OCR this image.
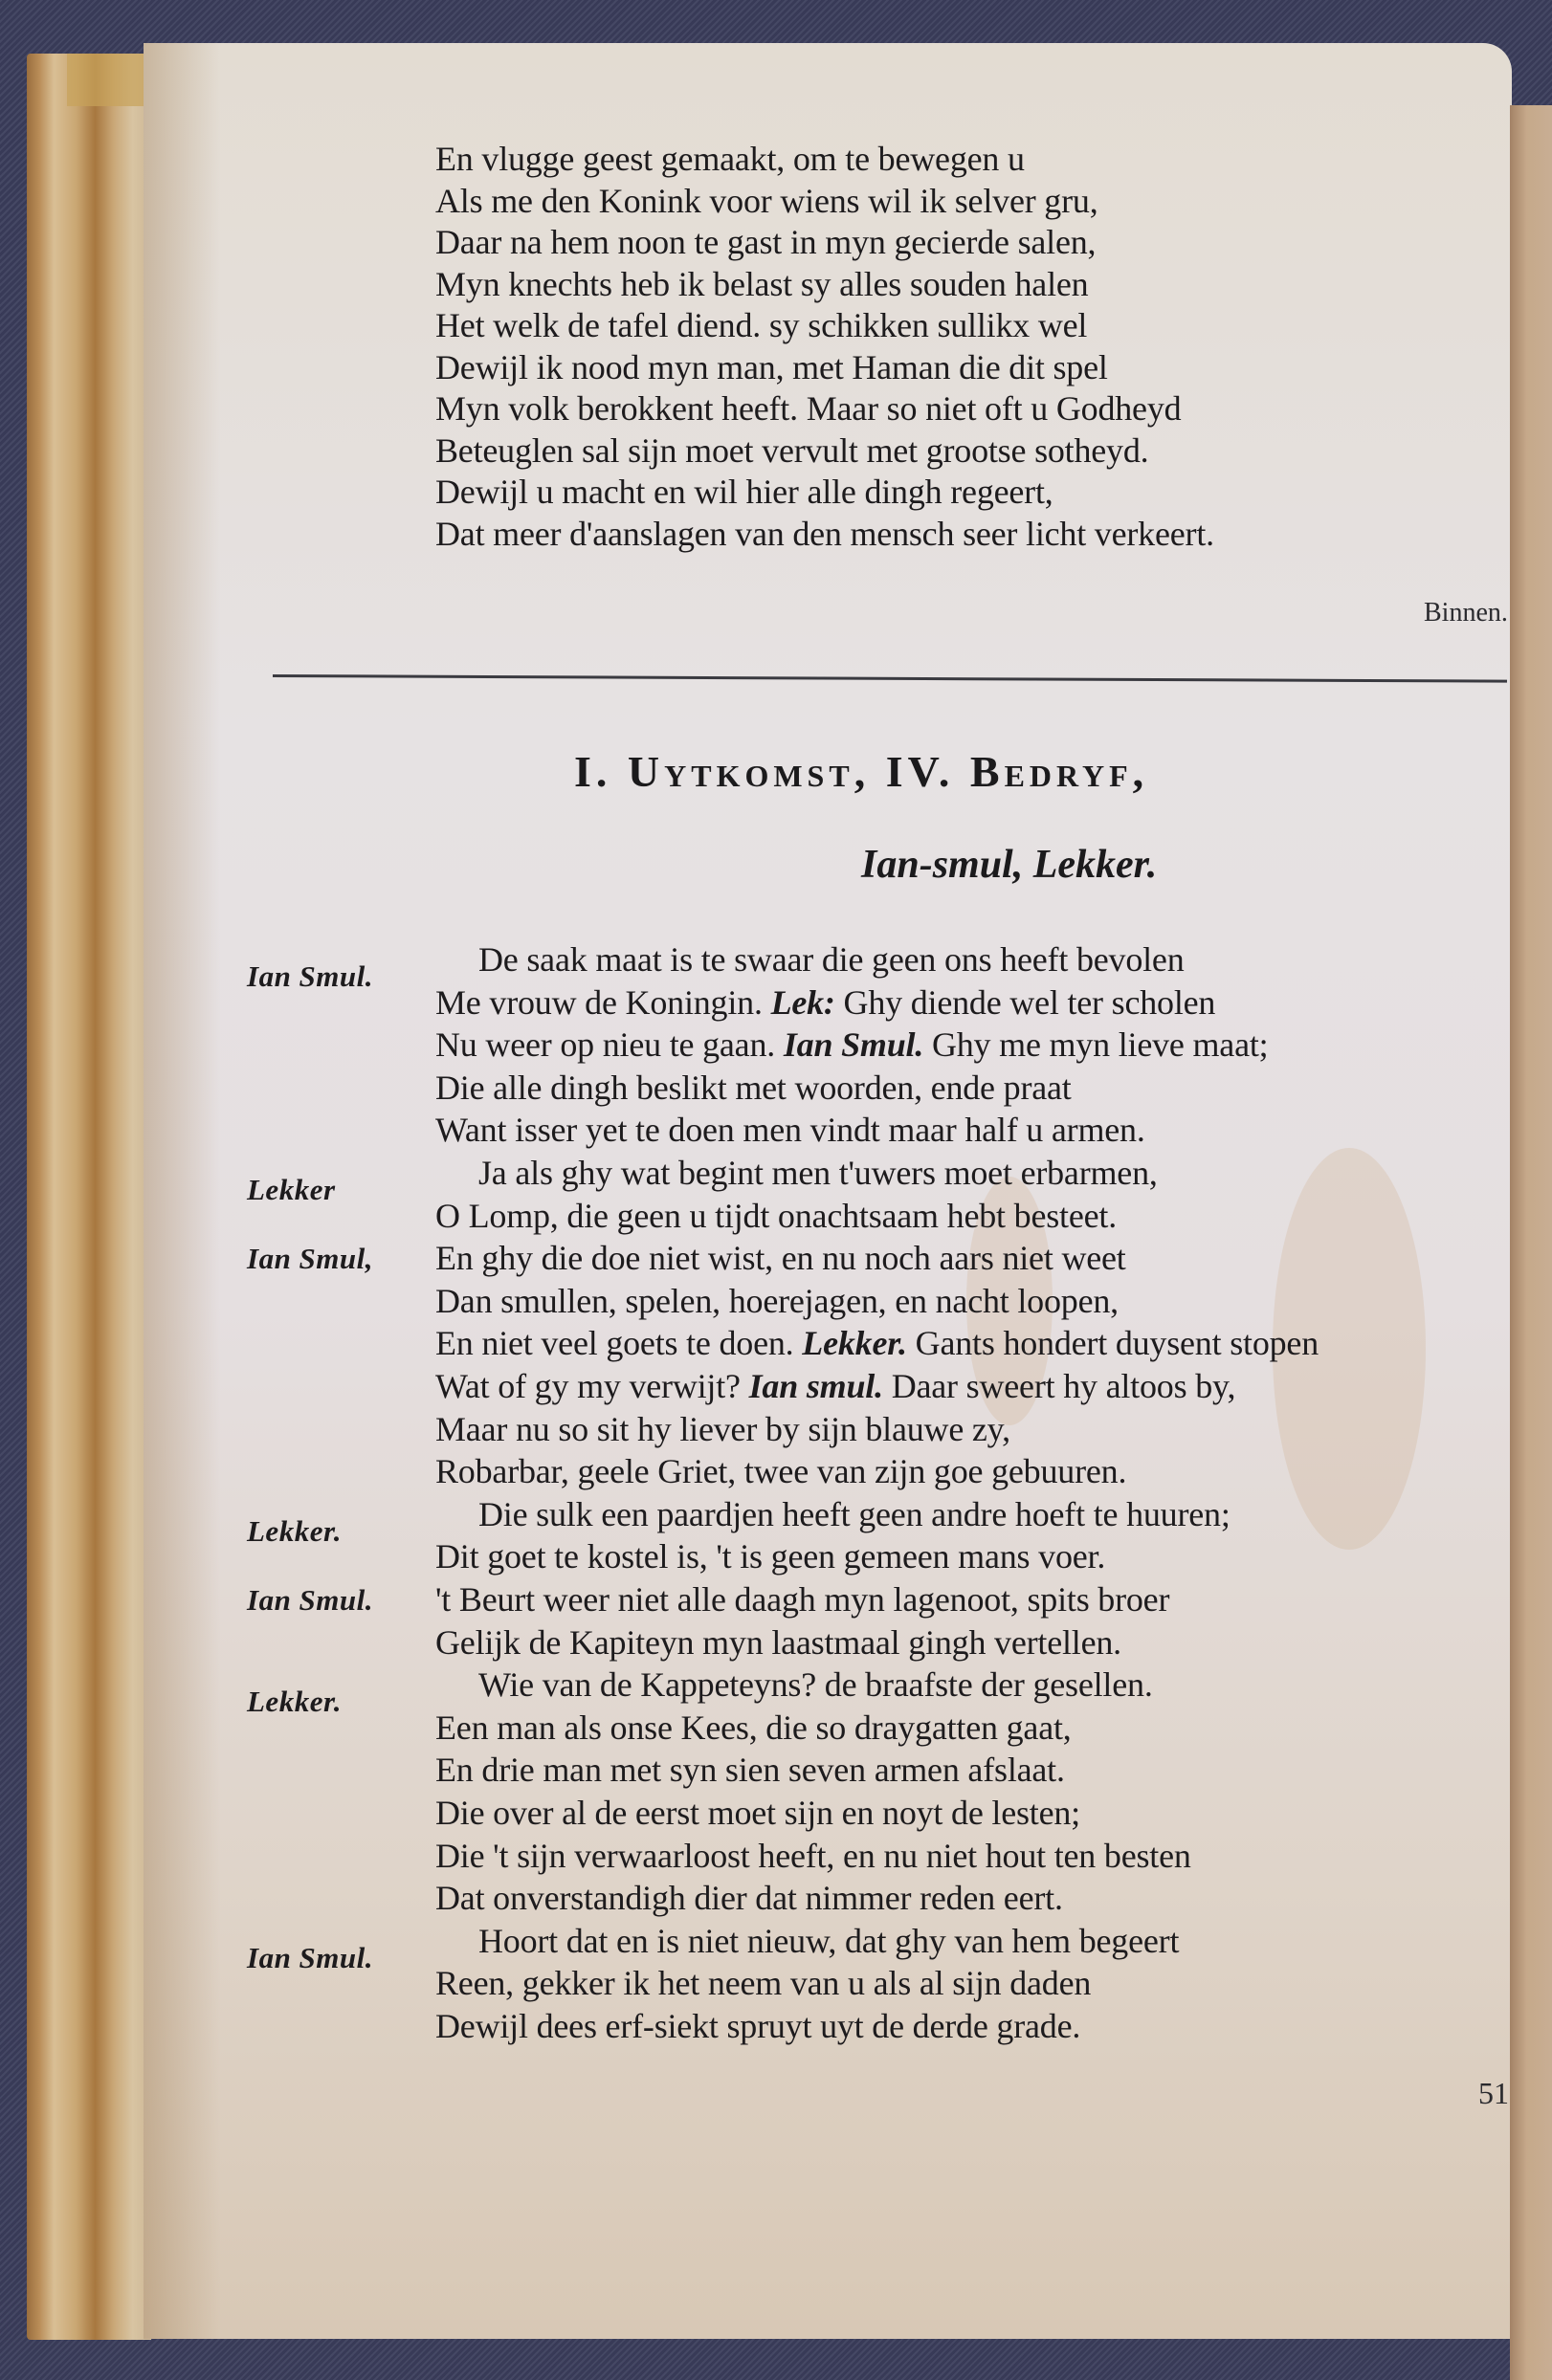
En vlugge geest gemaakt, om te bewegen u
Als me den Konink voor wiens wil ik selver gru,
Daar na hem noon te gast in myn gecierde salen,
Myn knechts heb ik belast sy alles souden halen
Het welk de tafel diend. sy schikken sullikx wel
Dewijl ik nood myn man, met Haman die dit spel
Myn volk berokkent heeft. Maar so niet oft u Godheyd
Beteuglen sal sijn moet vervult met grootse sotheyd.
Dewijl u macht en wil hier alle dingh regeert,
Dat meer d'aanslagen van den mensch seer licht verkeert.
Binnen.
I. Uytkomst, IV. Bedryf,
Ian-smul, Lekker.
Ian Smul.	De saak maat is te swaar die geen ons heeft bevolen
Me vrouw de Koningin. Lek: Ghy diende wel ter scholen
Nu weer op nieu te gaan. Ian Smul. Ghy me myn lieve maat;
Die alle dingh beslikt met woorden, ende praat
Want isser yet te doen men vindt maar half u armen.
Lekker	Ja als ghy wat begint men t'uwers moet erbarmen,
O Lomp, die geen u tijdt onachtsaam hebt besteet.
Ian Smul, En ghy die doe niet wist, en nu noch aars niet weet
Dan smullen, spelen, hoerejagen, en nacht loopen,
En niet veel goets te doen. Lekker. Gants hondert duysent stopen
Wat of gy my verwijt? Ian smul. Daar sweert hy altoos by,
Maar nu so sit hy liever by sijn blauwe zy,
Robarbar, geele Griet, twee van zijn goe gebuuren.
Lekker.	Die sulk een paardjen heeft geen andre hoeft te huuren;
Dit goet te kostel is, 't is geen gemeen mans voer.
Ian Smul. 't Beurt weer niet alle daagh myn lagenoot, spits broer
Gelijk de Kapiteyn myn laastmaal gingh vertellen.
Lekker.	Wie van de Kappeteyns? de braafste der gesellen.
Een man als onse Kees, die so draygatten gaat,
En drie man met syn sien seven armen afslaat.
Die over al de eerst moet sijn en noyt de lesten;
Die 't sijn verwaarloost heeft, en nu niet hout ten besten
Dat onverstandigh dier dat nimmer reden eert.
Ian Smul.	Hoort dat en is niet nieuw, dat ghy van hem begeert
Reen, gekker ik het neem van u als al sijn daden
Dewijl dees erf-siekt spruyt uyt de derde grade.
51
